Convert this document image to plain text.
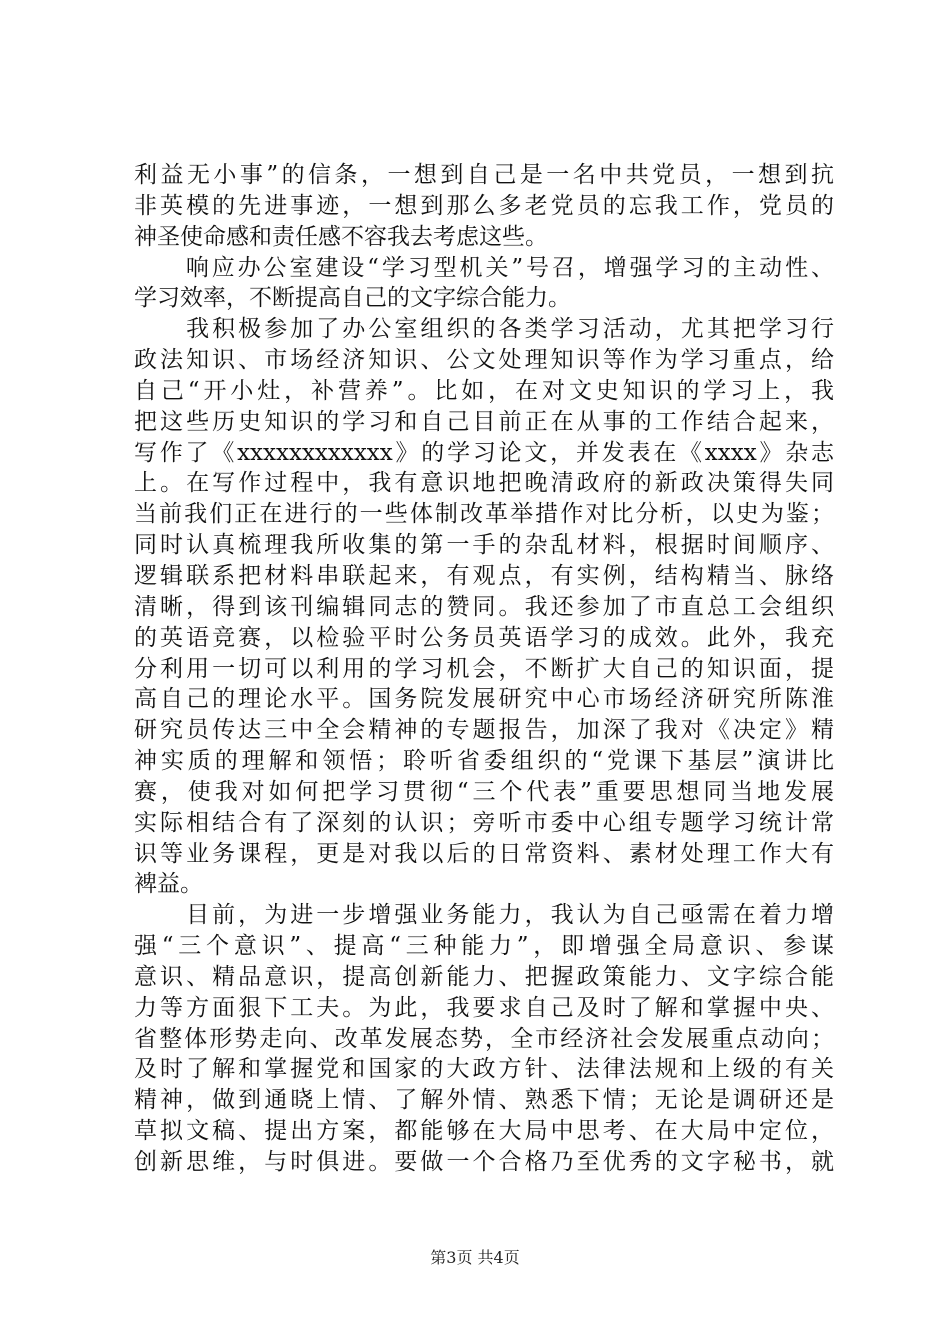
利益无小事”的信条，一想到自己是一名中共党员，一想到抗
非英模的先进事迹，一想到那么多老党员的忘我工作，党员的
神圣使命感和责任感不容我去考虑这些。
　　响应办公室建设“学习型机关”号召，增强学习的主动性、
学习效率，不断提高自己的文字综合能力。
　　我积极参加了办公室组织的各类学习活动，尤其把学习行
政法知识、市场经济知识、公文处理知识等作为学习重点，给
自己“开小灶，补营养”。比如，在对文史知识的学习上，我
把这些历史知识的学习和自己目前正在从事的工作结合起来，
写作了《xxxxxxxxxxxx》的学习论文，并发表在《xxxx》杂志
上。在写作过程中，我有意识地把晚清政府的新政决策得失同
当前我们正在进行的一些体制改革举措作对比分析，以史为鉴；
同时认真梳理我所收集的第一手的杂乱材料，根据时间顺序、
逻辑联系把材料串联起来，有观点，有实例，结构精当、脉络
清晰，得到该刊编辑同志的赞同。我还参加了市直总工会组织
的英语竞赛，以检验平时公务员英语学习的成效。此外，我充
分利用一切可以利用的学习机会，不断扩大自己的知识面，提
高自己的理论水平。国务院发展研究中心市场经济研究所陈淮
研究员传达三中全会精神的专题报告，加深了我对《决定》精
神实质的理解和领悟；聆听省委组织的“党课下基层”演讲比
赛，使我对如何把学习贯彻“三个代表”重要思想同当地发展
实际相结合有了深刻的认识；旁听市委中心组专题学习统计常
识等业务课程，更是对我以后的日常资料、素材处理工作大有
裨益。
　　目前，为进一步增强业务能力，我认为自己亟需在着力增
强“三个意识”、提高“三种能力”，即增强全局意识、参谋
意识、精品意识，提高创新能力、把握政策能力、文字综合能
力等方面狠下工夫。为此，我要求自己及时了解和掌握中央、
省整体形势走向、改革发展态势，全市经济社会发展重点动向；
及时了解和掌握党和国家的大政方针、法律法规和上级的有关
精神，做到通晓上情、了解外情、熟悉下情；无论是调研还是
草拟文稿、提出方案，都能够在大局中思考、在大局中定位，
创新思维，与时俱进。要做一个合格乃至优秀的文字秘书，就
第3页 共4页
